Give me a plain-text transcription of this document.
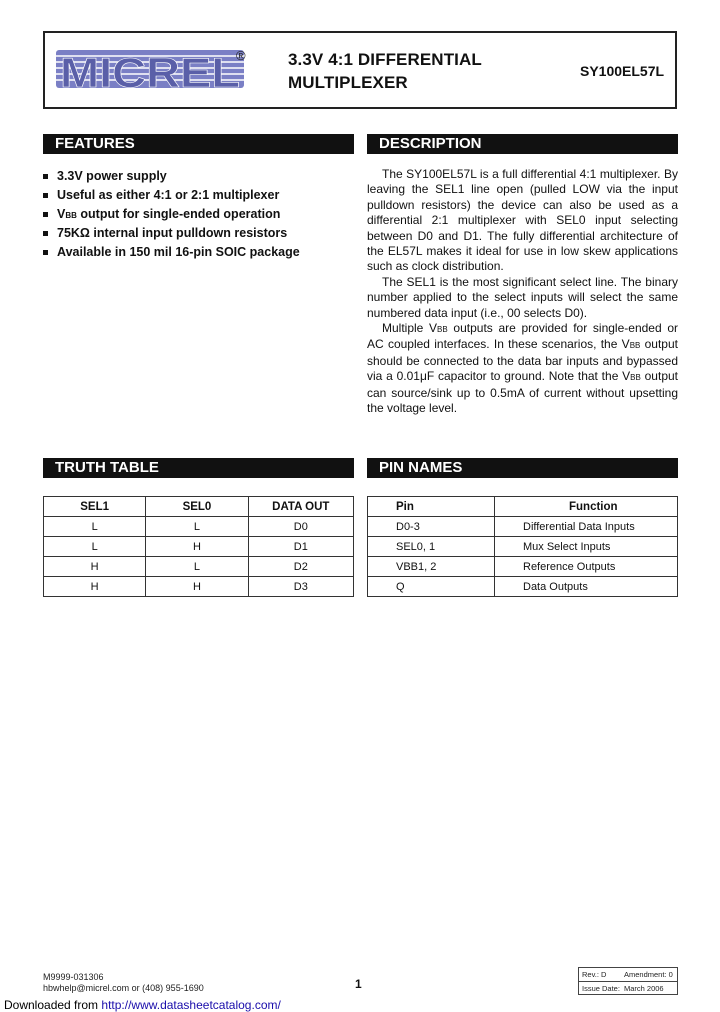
MICREL
® 3.3V 4:1 DIFFERENTIAL
MULTIPLEXER
SY100EL57L
FEATURES	DESCRIPTION
TRUTH TABLE	PIN NAMES
3.3V power supply
Useful as either 4:1 or 2:1 multiplexer
VBB output for single-ended operation
75KΩ internal input pulldown resistors
Available in 150 mil 16-pin SOIC package

The SY100EL57L is a full differential 4:1 multiplexer. By leaving the SEL1 line open (pulled LOW via the input pulldown resistors) the device can also be used as a differential 2:1 multiplexer with SEL0 input selecting between D0 and D1. The fully differential architecture of the EL57L makes it ideal for use in low skew applications such as clock distribution.

The SEL1 is the most significant select line. The binary number applied to the select inputs will select the same numbered data input (i.e., 00 selects D0).

Multiple VBB outputs are provided for single-ended or AC coupled interfaces. In these scenarios, the VBB output should be connected to the data bar inputs and bypassed via a 0.01μF capacitor to ground. Note that the VBB output can source/sink up to 0.5mA of current without upsetting the voltage level.

SEL1	SEL0	DATA OUT
L	L	D0
L	H	D1
H	L	D2
H	H	D3
Pin	Function
D0-3	Differential Data Inputs
SEL0, 1	Mux Select Inputs
VBB1, 2	Reference Outputs
Q	Data Outputs
M9999-031306
hbwhelp@micrel.com or (408) 955-1690	1
Rev.: D Amendment: 0
Issue Date: March 2006
Downloaded from http://www.datasheetcatalog.com/
